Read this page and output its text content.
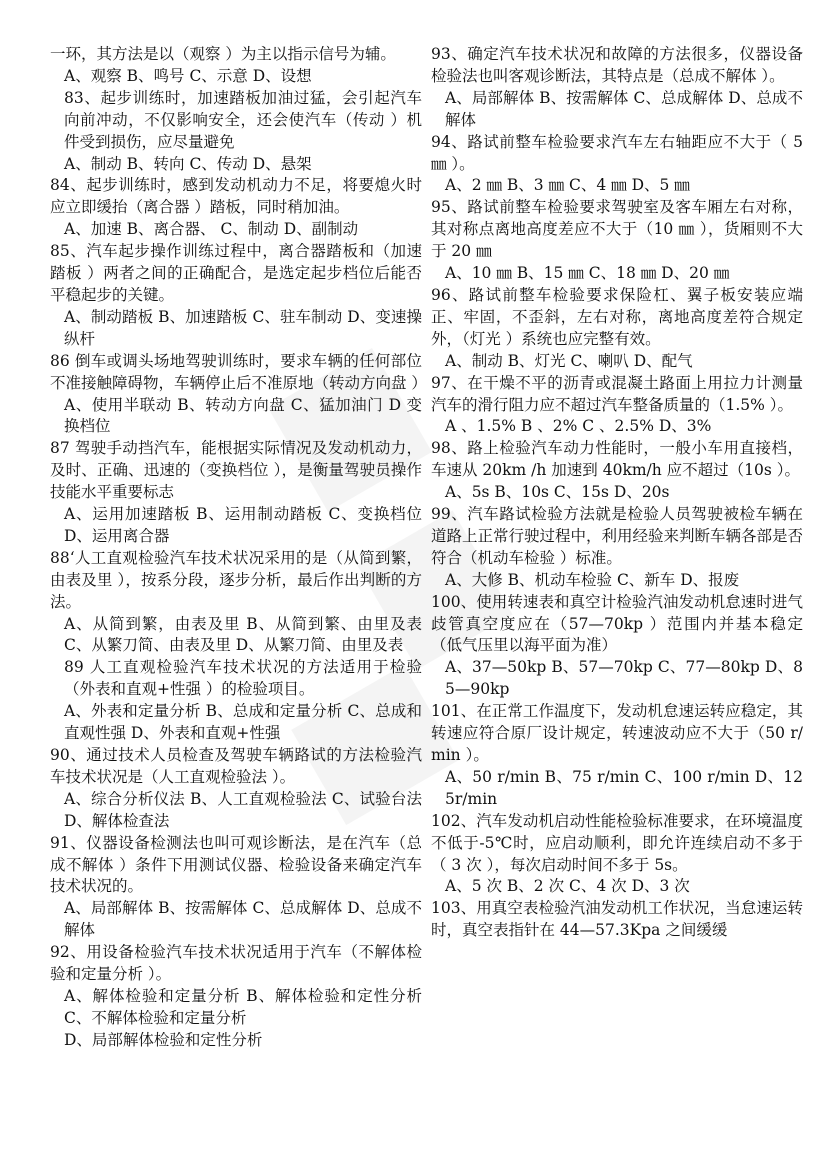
一环，其方法是以（观察 ）为主以指示信号为辅。

A、观察 B、鸣号 C、示意 D、设想

83、起步训练时，加速踏板加油过猛，会引起汽车向前冲动，不仅影响安全，还会使汽车（传动 ）机件受到损伤，应尽量避免

A、制动 B、转向 C、传动 D、悬架

84、起步训练时，感到发动机动力不足，将要熄火时应立即缓抬（离合器 ）踏板，同时稍加油。

A、加速 B、离合器、 C、制动 D、副制动

85、汽车起步操作训练过程中，离合器踏板和（加速踏板 ）两者之间的正确配合，是选定起步档位后能否平稳起步的关键。

A、制动踏板 B、加速踏板 C、驻车制动 D、变速操纵杆

86 倒车或调头场地驾驶训练时，要求车辆的任何部位不准接触障碍物，车辆停止后不准原地（转动方向盘 ）

A、使用半联动 B、转动方向盘 C、猛加油门 D 变换档位

87 驾驶手动挡汽车，能根据实际情况及发动机动力，及时、正确、迅速的（变换档位 ），是衡量驾驶员操作技能水平重要标志

A、运用加速踏板 B、运用制动踏板 C、变换档位 D、运用离合器

88‘人工直观检验汽车技术状况采用的是（从简到繁，由表及里 ），按系分段，逐步分析，最后作出判断的方法。

A、从简到繁，由表及里 B、从简到繁、由里及表 C、从繁刀简、由表及里 D、从繁刀简、由里及表

89 人工直观检验汽车技术状况的方法适用于检验（外表和直观+性强 ）的检验项目。

A、外表和定量分析 B、总成和定量分析 C、总成和直观性强 D、外表和直观+性强

90、通过技术人员检查及驾驶车辆路试的方法检验汽车技术状况是（人工直观检验法 ）。

A、综合分析仪法 B、人工直观检验法 C、试验台法 D、解体检查法

91、仪器设备检测法也叫可观诊断法，是在汽车（总成不解体 ）条件下用测试仪器、检验设备来确定汽车技术状况的。

A、局部解体 B、按需解体 C、总成解体 D、总成不解体

92、用设备检验汽车技术状况适用于汽车（不解体检验和定量分析 ）。

A、解体检验和定量分析 B、解体检验和定性分析 C、不解体检验和定量分析

D、局部解体检验和定性分析

93、确定汽车技术状况和故障的方法很多，仪器设备检验法也叫客观诊断法，其特点是（总成不解体 ）。

A、局部解体 B、按需解体 C、总成解体 D、总成不解体

94、路试前整车检验要求汽车左右轴距应不大于（ 5 ㎜ ）。

A、2 ㎜ B、3 ㎜ C、4 ㎜ D、5 ㎜

95、路试前整车检验要求驾驶室及客车厢左右对称，其对称点离地高度差应不大于（10 ㎜ ），货厢则不大于 20 ㎜

A、10 ㎜ B、15 ㎜ C、18 ㎜ D、20 ㎜

96、路试前整车检验要求保险杠、翼子板安装应端正、牢固，不歪斜，左右对称，离地高度差符合规定外，（灯光 ）系统也应完整有效。

A、制动 B、灯光 C、喇叭 D、配气

97、在干燥不平的沥青或混凝土路面上用拉力计测量汽车的滑行阻力应不超过汽车整备质量的（1.5% ）。

A 、1.5% B 、2% C 、2.5% D、3%

98、路上检验汽车动力性能时，一般小车用直接档，车速从 20km /h 加速到 40km/h 应不超过（10s ）。

A、5s B、10s C、15s D、20s

99、汽车路试检验方法就是检验人员驾驶被检车辆在道路上正常行驶过程中，利用经验来判断车辆各部是否符合（机动车检验 ）标准。

A、大修 B、机动车检验 C、新车 D、报废

100、使用转速表和真空计检验汽油发动机怠速时进气歧管真空度应在（57—70kp ）范围内并基本稳定（低气压里以海平面为准）

A、37—50kp B、57—70kp C、77—80kp D、85—90kp

101、在正常工作温度下，发动机怠速运转应稳定，其转速应符合原厂设计规定，转速波动应不大于（50 r/min ）。

A、50 r/min B、75 r/min C、100 r/min D、125r/min

102、汽车发动机启动性能检验标准要求，在环境温度不低于-5℃时，应启动顺利，即允许连续启动不多于（ 3 次 ），每次启动时间不多于 5s。

A、5 次 B、2 次 C、4 次 D、3 次

103、用真空表检验汽油发动机工作状况，当怠速运转时，真空表指针在 44—57.3Kpa 之间缓缓
